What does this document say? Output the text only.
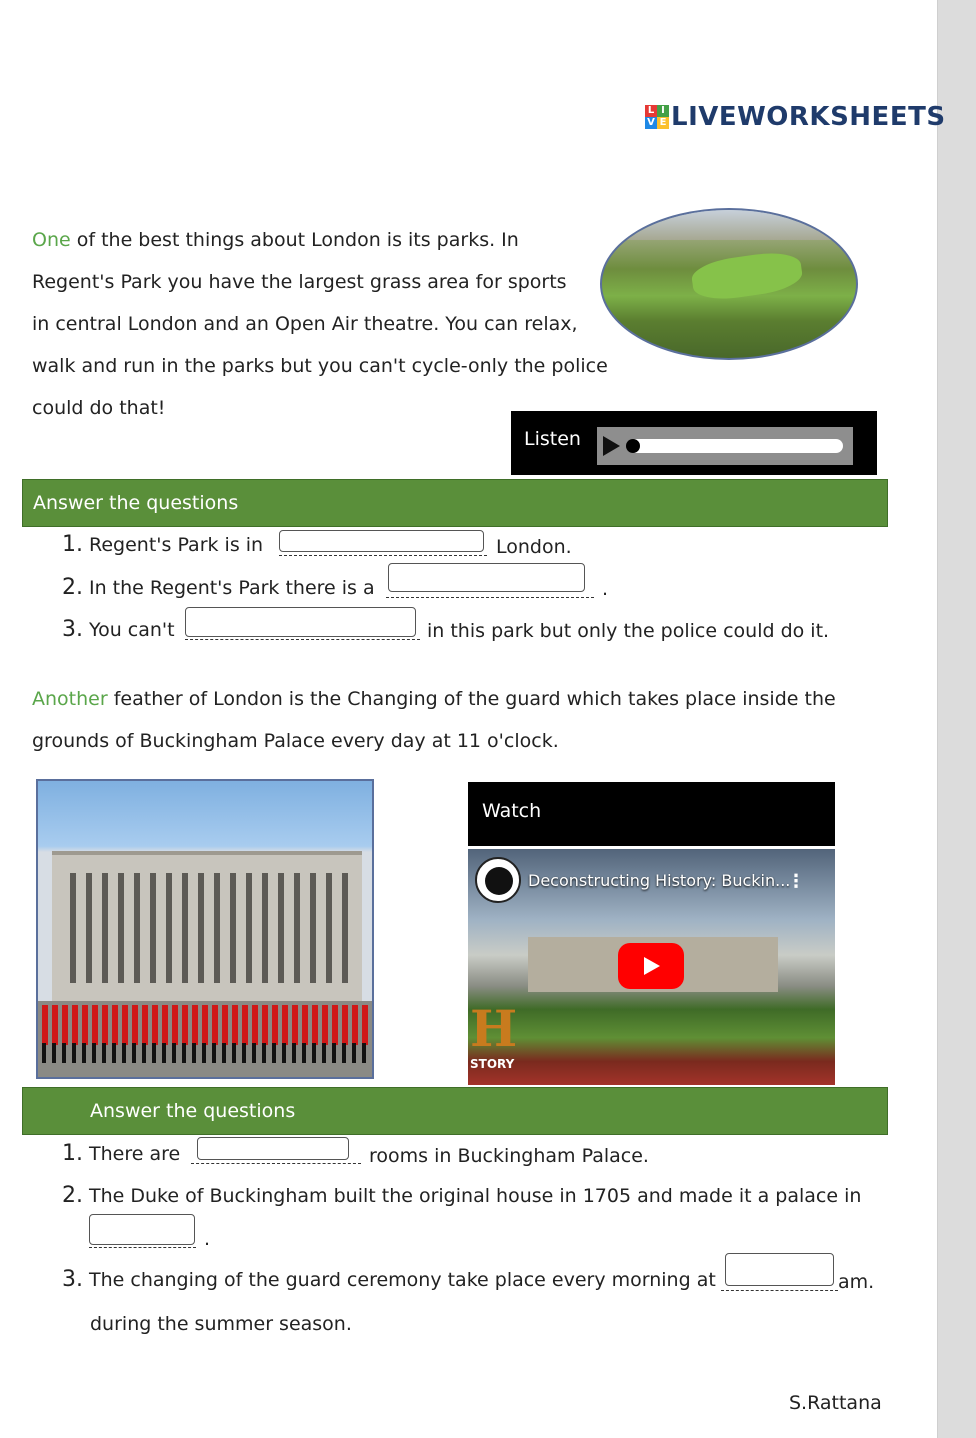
L I
V E LIVEWORKSHEETS
One of the best things about London is its parks. In
Regent's Park you have the largest grass area for sports
in central London and an Open Air theatre. You can relax,
walk and run in the parks but you can't cycle-only the police
could do that!
Listen
Answer the questions
1. Regent's Park is in	London.
2. In the Regent's Park there is a	.
3. You can't	in this park but only the police could do it.
Another feather of London is the Changing of the guard which takes place inside the
grounds of Buckingham Palace every day at 11 o'clock.
Watch
Deconstructing History: Buckin...
⋮
H
STORY
Answer the questions
1. There are	rooms in Buckingham Palace.
2. The Duke of Buckingham built the original house in 1705 and made it a palace in
.
3. The changing of the guard ceremony take place every morning at	am.
during the summer season.
S.Rattana
